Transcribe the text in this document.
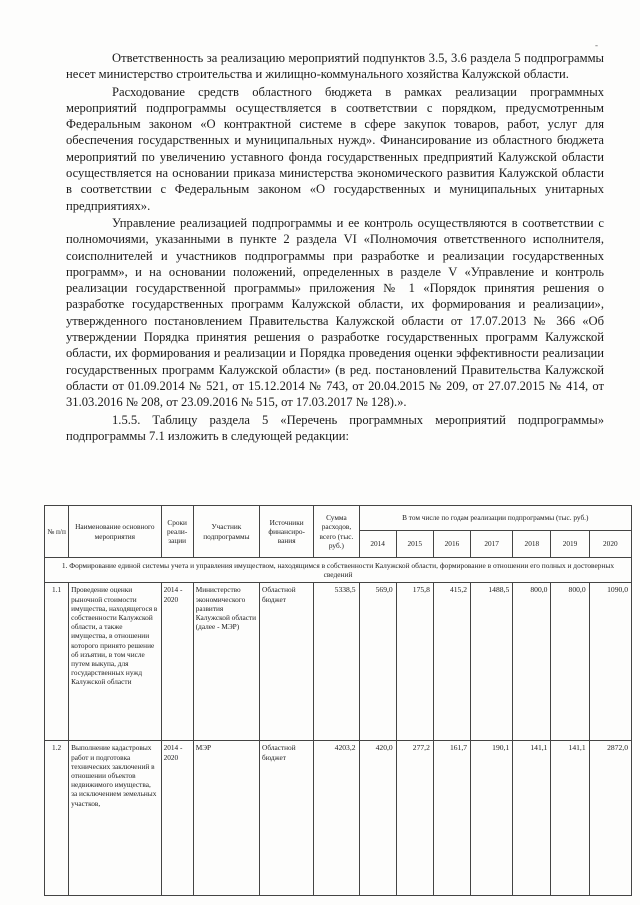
-

Ответственность за реализацию мероприятий подпунктов 3.5, 3.6 раздела 5 подпрограммы несет министерство строительства и жилищно-коммунального хозяйства Калужской области.

Расходование средств областного бюджета в рамках реализации программных мероприятий подпрограммы осуществляется в соответствии с порядком, предусмотренным Федеральным законом «О контрактной системе в сфере закупок товаров, работ, услуг для обеспечения государственных и муниципальных нужд». Финансирование из областного бюджета мероприятий по увеличению уставного фонда государственных предприятий Калужской области осуществляется на основании приказа министерства экономического развития Калужской области в соответствии с Федеральным законом «О государственных и муниципальных унитарных предприятиях».

Управление реализацией подпрограммы и ее контроль осуществляются в соответствии с полномочиями, указанными в пункте 2 раздела VI «Полномочия ответственного исполнителя, соисполнителей и участников подпрограммы при разработке и реализации государственных программ», и на основании положений, определенных в разделе V «Управление и контроль реализации государственной программы» приложения № 1 «Порядок принятия решения о разработке государственных программ Калужской области, их формирования и реализации», утвержденного постановлением Правительства Калужской области от 17.07.2013 № 366 «Об утверждении Порядка принятия решения о разработке государственных программ Калужской области, их формирования и реализации и Порядка проведения оценки эффективности реализации государственных программ Калужской области» (в ред. постановлений Правительства Калужской области от 01.09.2014 № 521, от 15.12.2014 № 743, от 20.04.2015 № 209, от 27.07.2015 № 414, от 31.03.2016 № 208, от 23.09.2016 № 515, от 17.03.2017 № 128).».

1.5.5. Таблицу раздела 5 «Перечень программных мероприятий подпрограммы» подпрограммы 7.1 изложить в следующей редакции:

№ п/п	Наименование основного мероприятия	Сроки реали-зации	Участник подпрограммы	Источники финансиро-вания	Сумма расходов, всего (тыс. руб.)	В том числе по годам реализации подпрограммы (тыс. руб.)						
						2014	2015	2016	2017	2018	2019	2020
1. Формирование единой системы учета и управления имуществом, находящимся в собственности Калужской области, формирование в отношении его полных и достоверных сведений												
1.1	Проведение оценки рыночной стоимости имущества, находящегося в собственности Калужской области, а также имущества, в отношении которого принято решение об изъятии, в том числе путем выкупа, для государственных нужд Калужской области	2014 - 2020	Министерство экономического развития Калужской области (далее - МЭР)	Областной бюджет	5338,5	569,0	175,8	415,2	1488,5	800,0	800,0	1090,0
1.2	Выполнение кадастровых работ и подготовка технических заключений в отношении объектов недвижимого имущества, за исключением земельных участков,	2014 - 2020	МЭР	Областной бюджет	4203,2	420,0	277,2	161,7	190,1	141,1	141,1	2872,0
